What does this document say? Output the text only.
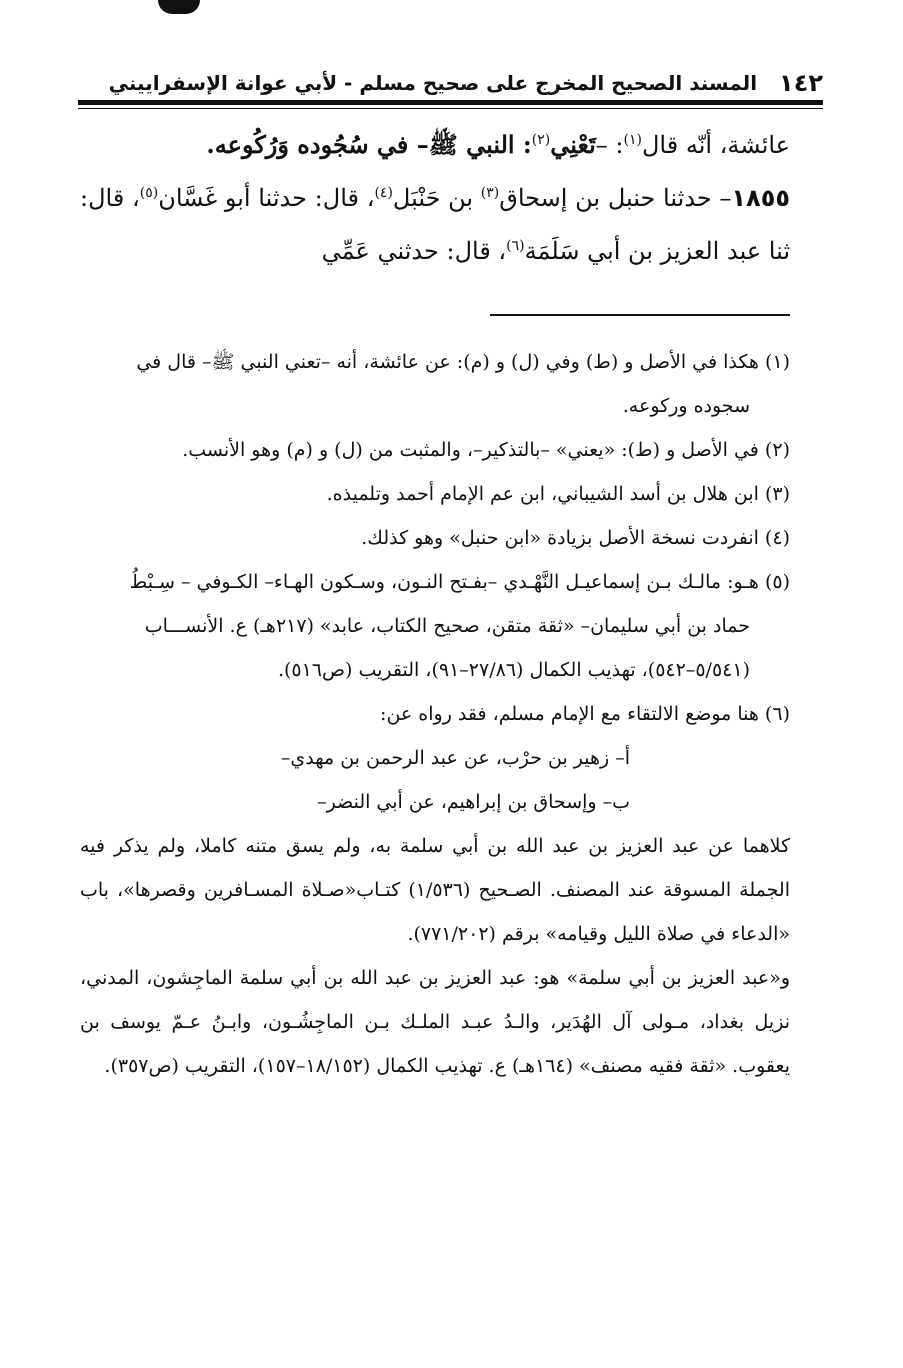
١٤٢
المسند الصحيح المخرج على صحيح مسلم - لأبي عوانة الإسفراييني

عائشة، أنّه قال$^{(١)}$: –تَعْنِي$^{(٢)}$: النبي ﷺ– في سُجُوده وَرُكُوعه.

١٨٥٥– حدثنا حنبل بن إسحاق$^{(٣)}$ بن حَنْبَل$^{(٤)}$، قال: حدثنا أبو غَسَّان$^{(٥)}$، قال: ثنا عبد العزيز بن أبي سَلَمَة$^{(٦)}$، قال: حدثني عَمِّي

(١) هكذا في الأصل و (ط) وفي (ل) و (م): عن عائشة، أنه –تعني النبي ﷺ– قال في

سجوده وركوعه.

(٢) في الأصل و (ط): «يعني» –بالتذكير–، والمثبت من (ل) و (م) وهو الأنسب.

(٣) ابن هلال بن أسد الشيباني، ابن عم الإمام أحمد وتلميذه.

(٤) انفردت نسخة الأصل بزيادة «ابن حنبل» وهو كذلك.

(٥) هـو: مالـك بـن إسماعيـل النَّهْـدي –بفـتح النـون، وسـكون الهـاء– الكـوفي – سِـبْطُ

حماد بن أبي سليمان– «ثقة متقن، صحيح الكتاب، عابد» (٢١٧هـ) ع. الأنســـاب

(٥/٥٤١–٥٤٢)، تهذيب الكمال (٢٧/٨٦–٩١)، التقريب (ص٥١٦).

(٦) هنا موضع الالتقاء مع الإمام مسلم، فقد رواه عن:

أ– زهير بن حرْب، عن عبد الرحمن بن مهدي–

ب– وإسحاق بن إبراهيم، عن أبي النضر–

كلاهما عن عبد العزيز بن عبد الله بن أبي سلمة به، ولم يسق متنه كاملا، ولم يذكر فيه الجملة المسوقة عند المصنف. الصـحيح (١/٥٣٦) كتـاب«صـلاة المسـافرين وقصرها»، باب «الدعاء في صلاة الليل وقيامه» برقم (٧٧١/٢٠٢).

و«عبد العزيز بن أبي سلمة» هو: عبد العزيز بن عبد الله بن أبي سلمة الماجِشون، المدني، نزيل بغداد، مـولى آل الهُدَير، والـدُ عبـد الملـك بـن الماجِشُـون، وابـنُ عـمّ يوسف بن يعقوب. «ثقة فقيه مصنف» (١٦٤هـ) ع. تهذيب الكمال (١٨/١٥٢–١٥٧)، التقريب (ص٣٥٧).
